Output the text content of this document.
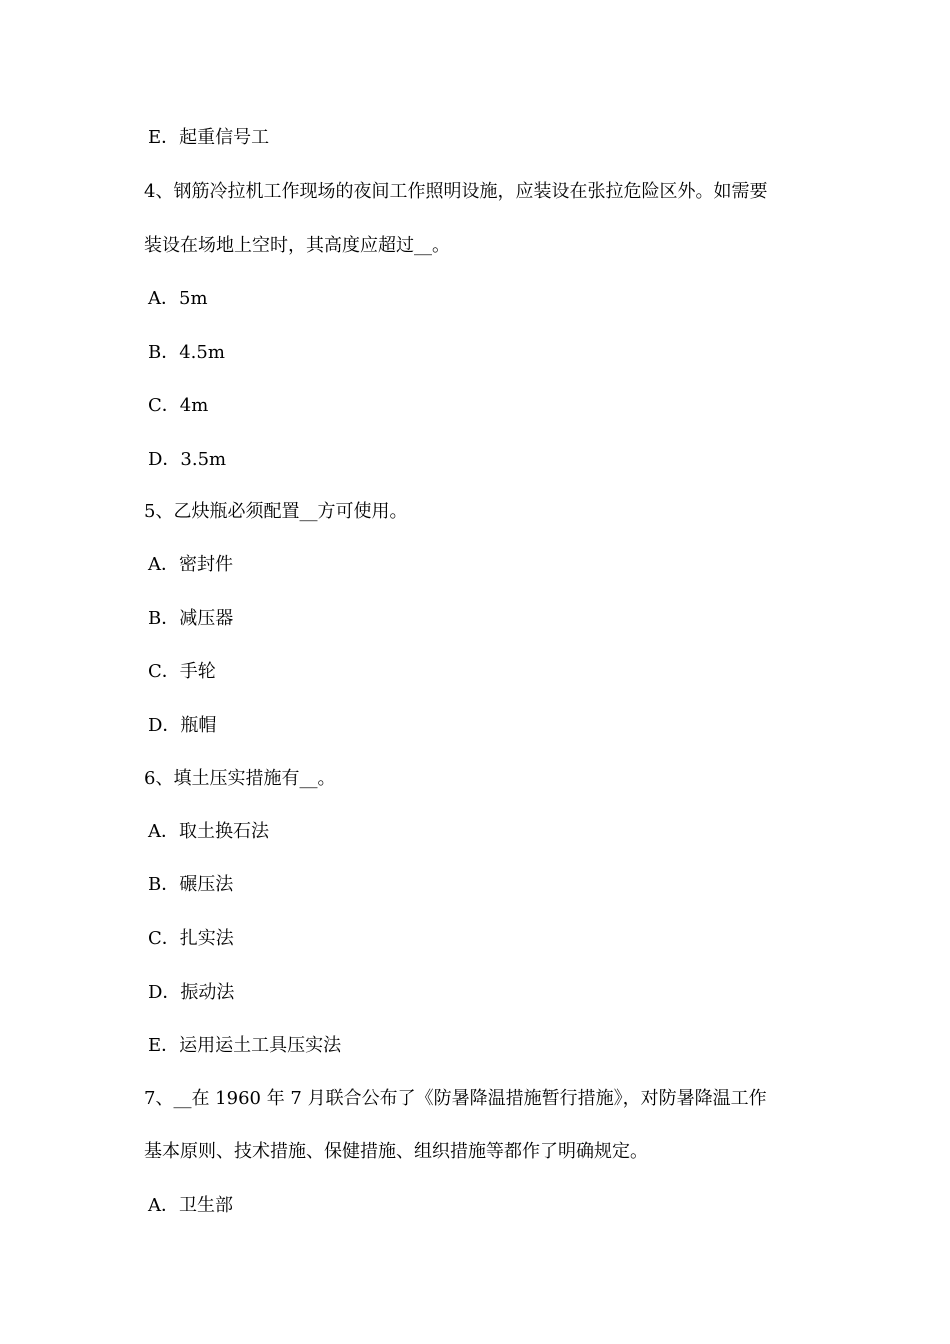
E．起重信号工
4、钢筋冷拉机工作现场的夜间工作照明设施，应装设在张拉危险区外。如需要
装设在场地上空时，其高度应超过__。
A．5m
B．4.5m
C．4m
D．3.5m
5、乙炔瓶必须配置__方可使用。
A．密封件
B．减压器
C．手轮
D．瓶帽
6、填土压实措施有__。
A．取土换石法
B．碾压法
C．扎实法
D．振动法
E．运用运土工具压实法
7、__在 1960 年 7 月联合公布了《防暑降温措施暂行措施》，对防暑降温工作
基本原则、技术措施、保健措施、组织措施等都作了明确规定。
A．卫生部
